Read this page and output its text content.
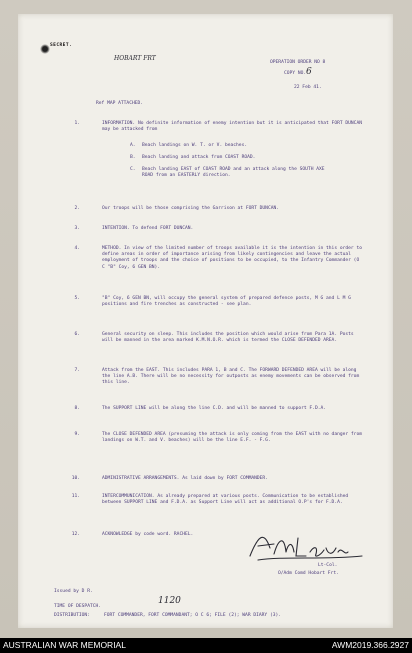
SECRET.
HOBART FRT
OPERATION ORDER NO 8
COPY NO. 6
22 Feb 41.
Ref MAP ATTACHED.
1.	INFORMATION. No definite information of enemy intention but it is anticipated that FORT DUNCAN may be attacked from
A. Beach landings on W. T. or V. beaches.
B. Beach landing and attack from COAST ROAD.
C. Beach landing EAST of COAST ROAD and an attack along the SOUTH AXE ROAD from an EASTERLY direction.
2.	Our troops will be those comprising the Garrison at FORT DUNCAN.
3.	INTENTION. To defend FORT DUNCAN.
4.	METHOD. In view of the limited number of troops available it is the intention in this order to define areas in order of importance arising from likely contingencies and leave the actual employment of troops and the choice of positions to be occupied, to the Infantry Commander (O C "B" Coy, 6 GEN BN).
5.	"B" Coy, 6 GEN BN, will occupy the general system of prepared defence posts, M G and L M G positions and fire trenches as constructed - see plan.
6.	General security on sleep. This includes the position which would arise from Para 1A. Posts will be manned in the area marked K.M.N.O.R. which is termed the CLOSE DEFENDED AREA.
7.	Attack from the EAST. This includes PARA 1, B and C. The FORWARD DEFENDED AREA will be along the line A.B. There will be no necessity for outposts as enemy movements can be observed from this line.
8.	The SUPPORT LINE will be along the line C.D. and will be manned to support F.D.A.
9.	The CLOSE DEFENDED AREA (presuming the attack is only coming from the EAST with no danger from landings on W.T. and V. beaches) will be the line E.F. - F.G.
10.	ADMINISTRATIVE ARRANGEMENTS. As laid down by FORT COMMANDER.
11.	INTERCOMMUNICATION. As already prepared at various posts. Communication to be established between SUPPORT LINE and F.D.A. as Support Line will act as additional O.P's for F.D.A.
12.	ACKNOWLEDGE by code word. RACHEL.
Lt-Col.
O/Adm Comd Hobart Frt.
Issued by D R.
1120
TIME OF DESPATCH.
DISTRIBUTION:	FORT COMMANDER, FORT COMMANDANT; O C 6; FILE (2); WAR DIARY (3).
AUSTRALIAN WAR MEMORIAL	AWM2019.366.2927
